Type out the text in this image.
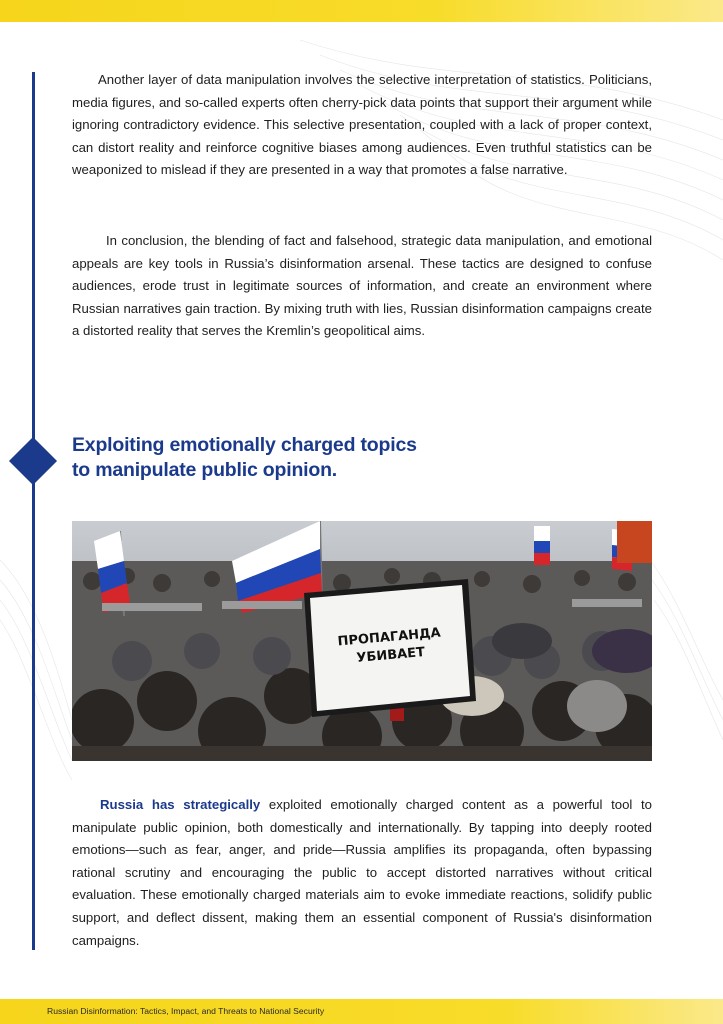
Another layer of data manipulation involves the selective interpretation of statistics. Politicians, media figures, and so-called experts often cherry-pick data points that support their argument while ignoring contradictory evidence. This selective presentation, coupled with a lack of proper context, can distort reality and reinforce cognitive biases among audiences. Even truthful statistics can be weaponized to mislead if they are presented in a way that promotes a false narrative.

In conclusion, the blending of fact and falsehood, strategic data manipulation, and emotional appeals are key tools in Russia’s disinformation arsenal. These tactics are designed to confuse audiences, erode trust in legitimate sources of information, and create an environment where Russian narratives gain traction. By mixing truth with lies, Russian disinformation campaigns create a distorted reality that serves the Kremlin’s geopolitical aims.

Exploiting emotionally charged topics
to manipulate public opinion.
ПРОПАГАНДА
УБИВАЕТ

Russia has strategically exploited emotionally charged content as a powerful tool to manipulate public opinion, both domestically and internationally. By tapping into deeply rooted emotions—such as fear, anger, and pride—Russia amplifies its propaganda, often bypassing rational scrutiny and encouraging the public to accept distorted narratives without critical evaluation. These emotionally charged materials aim to evoke immediate reactions, solidify public support, and deflect dissent, making them an essential component of Russia's disinformation campaigns.

Russian Disinformation: Tactics, Impact, and Threats to National Security
